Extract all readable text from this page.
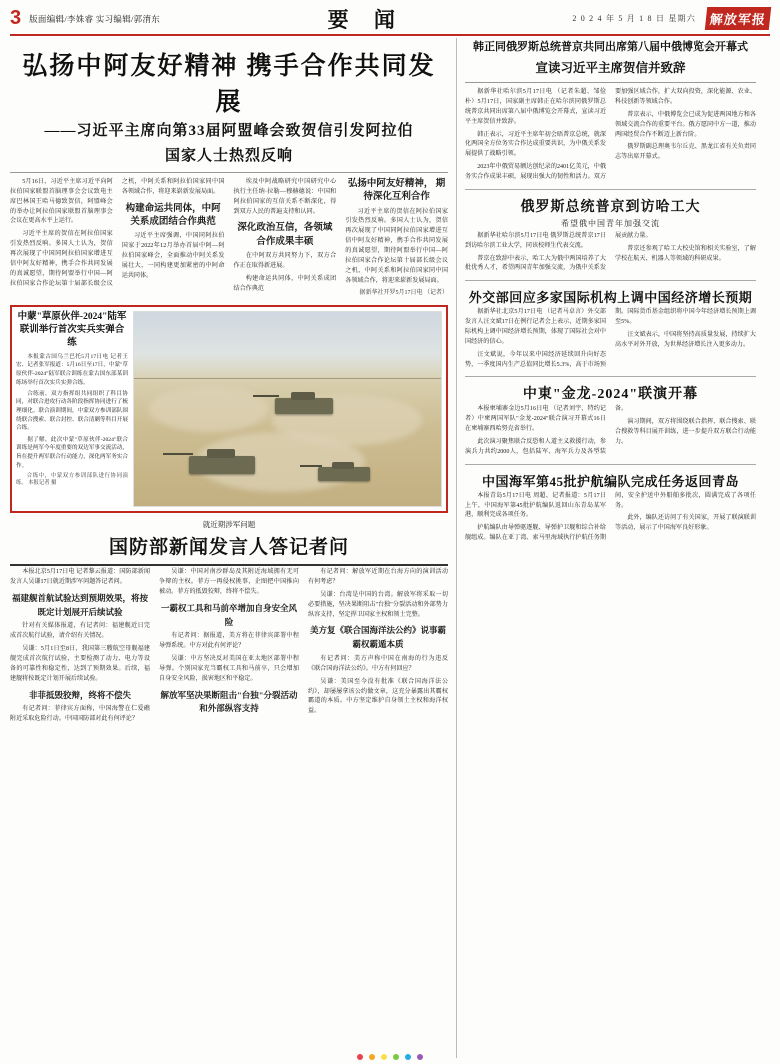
3 版面编辑/李姝睿 实习编辑/郭淯东	要 闻	2 0 2 4 年 5 月 1 8 日 星期六	解放军报
弘扬中阿友好精神 携手合作共同发展
——习近平主席向第33届阿盟峰会致贺信引发阿拉伯
国家人士热烈反响

5月16日，习近平主席习近平向阿拉伯国家联盟首脑理事会会议致电主席巴林国王哈马德致贺信，阿盟峰会的举办让阿拉伯国家联盟首脑理事会会议在更高水平上运行。

习近平主席的贺信在阿拉伯国家引发热烈反响。多国人士认为，贺信再次展现了中国同阿拉伯国家增进互信中阿友好精神，携手合作共同发展的真诚愿望，期待阿盟举行中国—阿拉伯国家合作论坛第十届部长级会议之机，中阿关系和阿拉伯国家同中国各领域合作，将迎来崭新发展局面。

构建命运共同体，中阿 关系成团结合作典范

习近平主席强调，中国同阿拉伯国家于2022年12月举办首届中阿—阿拉伯国家峰会，全面推动中阿关系发展壮大，一同构建更加紧密的中阿命运共同体。

埃及中阿战略研究中国研究中心执行主任纳·拉勒—穆赫德说：中国和阿拉伯国家的互信关系不断深化，得到双方人民的普遍支持和认同。

深化政治互信，各领域 合作成果丰硕

在中阿双方共同努力下，双方合作正在取得新进展。

构建命运共同体，中阿关系成团结合作典范

弘扬中阿友好精神， 期待深化互利合作

习近平主席的贺信在阿拉伯国家引发热烈反响。多国人士认为，贺信再次展现了中国同阿拉伯国家增进互信中阿友好精神，携手合作共同发展的真诚愿望，期待阿盟举行中国—阿拉伯国家合作论坛第十届部长级会议之机，中阿关系和阿拉伯国家同中国各领域合作，将迎来崭新发展局面。

据新华社开罗5月17日电 （记者）

中蒙"草原伙伴-2024"陆军联训举行首次实兵实弹合练

本报蒙古国乌兰巴托5月17日电 记者王宏、记者张军报道：5月16日至17日，中蒙"草原伙伴-2024"陆军联合训练在蒙古国东部某训练场举行首次实兵实弹合练。

合练前，双方指挥组共同组织了科目协同，对联合进攻行动各阶段指挥协同进行了梳理细化。联合演训期间，中蒙双方参训部队围绕联合搜索、联合封控、联合清剿等科目开展合练。

据了解，此次中蒙"草原伙伴-2024"联合训练是两军今年度重要的双边军事交流活动，旨在提升两军联合行动能力，深化两军务实合作。

合练中，中蒙双方参训部队进行协同演练。 本报记者 摄

就近期涉军问题
国防部新闻发言人答记者问

本报北京5月17日电 记者黎云报道：国防部新闻发言人吴谦17日就近期涉军问题答记者问。

福建舰首航试验达到预期效果，将按既定计划展开后续试验

针对有关媒体报道，有记者问：福建舰近日完成首次航行试验，请介绍有关情况。

吴谦：5月1日至8日，我国第三艘航空母舰福建舰完成首次航行试验，主要检测了动力、电力等设备的可靠性和稳定性，达到了预期效果。后续，福建舰将按既定计划开展后续试验。

非菲抵毁狡辩，终将不偿失

有记者问：菲律宾方面称，中国海警在仁爱礁附近采取危险行动。中国国防部对此有何评论？

吴谦：中国对南沙群岛及其附近海域拥有无可争辩的主权。菲方一再侵权挑事，企图把中国推向被动。菲方的抵毁狡辩，终将不偿失。

一霸权工具和马前卒增加自身安全风险

有记者问：据报道，美方将在菲律宾部署中程导弹系统。中方对此有何评论？

吴谦：中方坚决反对美国在亚太地区部署中程导弹。个别国家充当霸权工具和马前卒，只会增加自身安全风险，损害地区和平稳定。

解放军坚决果断阻击"台独"分裂活动和外部纵容支持

有记者问：解放军近期在台海方向的演训活动有何考虑？

吴谦：台湾是中国的台湾。解放军将采取一切必要措施，坚决果断阻击"台独"分裂活动和外部势力纵容支持，坚定捍卫国家主权和领土完整。

美方复《联合国海洋法公约》说事霸霸权霸遁本质

有记者问：美方声称中国在南海的行为违反《联合国海洋法公约》。中方有何回应？

吴谦：美国至今没有批准《联合国海洋法公约》，却屡屡拿该公约做文章，这充分暴露出其霸权霸道的本质。中方坚定维护自身领土主权和海洋权益。

韩正同俄罗斯总统普京共同出席第八届中俄博览会开幕式
宣读习近平主席贺信并致辞

据新华社哈尔滨5月17日电 （记者朱超、邹俭朴）5月17日，国家副主席韩正在哈尔滨同俄罗斯总统普京共同出席第八届中俄博览会开幕式，宣读习近平主席贺信并致辞。

韩正表示，习近平主席年初会晤普京总统，就深化两国全方位务实合作达成重要共识，为中俄关系发展提供了战略引领。

2023年中俄贸易额达创纪录的2401亿美元，中俄务实合作成果丰硕，展现出强大的韧性和活力。双方要加强区域合作，扩大双向投资，深化能源、农业、科技创新等领域合作。

普京表示，中俄博览会已成为促进两国地方和各领域交流合作的重要平台。俄方愿同中方一道，推动两国经贸合作不断迈上新台阶。

俄罗斯副总理奥韦尔丘克、黑龙江省有关负责同志等出席开幕式。

俄罗斯总统普京到访哈工大
希望俄中国青年加强交流

据新华社哈尔滨5月17日电 俄罗斯总统普京17日到访哈尔滨工业大学，同该校师生代表交流。

普京在致辞中表示，哈工大为俄中两国培养了大批优秀人才，希望两国青年加强交流，为俄中关系发展贡献力量。

普京还参观了哈工大校史馆和相关实验室，了解学校在航天、机器人等领域的科研成果。

外交部回应多家国际机构上调中国经济增长预期

据新华社北京5月17日电 （记者马卓言）外交部发言人汪文斌17日在例行记者会上表示，近期多家国际机构上调中国经济增长预期，体现了国际社会对中国经济的信心。

汪文斌说，今年以来中国经济延续回升向好态势，一季度国内生产总值同比增长5.3%，高于市场预期。国际货币基金组织将中国今年经济增长预期上调至5%。

汪文斌表示，中国将坚持高质量发展，持续扩大高水平对外开放，为世界经济增长注入更多动力。

中東"金龙-2024"联演开幕

本报柬埔寨金边5月16日电 （记者刘宇、特约记者）中柬两国军队"金龙-2024"联合演习开幕式16日在柬埔寨西哈努克省举行。

此次演习聚焦联合反恐和人道主义救援行动，参演兵力共约2000人，包括陆军、海军兵力及各型装备。

演习期间，双方将围绕联合指挥、联合搜索、联合搜救等科目展开训练，进一步提升双方联合行动能力。

中国海军第45批护航编队完成任务返回青岛

本报青岛5月17日电 周超、记者报道：5月17日上午，中国海军第45批护航编队返回山东青岛某军港，顺利完成各项任务。

护航编队由导弹驱逐舰、导弹护卫舰和综合补给舰组成。编队在亚丁湾、索马里海域执行护航任务期间，安全护送中外船舶多批次，圆满完成了各项任务。

此外，编队还访问了有关国家，开展了联演联训等活动，展示了中国海军良好形象。
